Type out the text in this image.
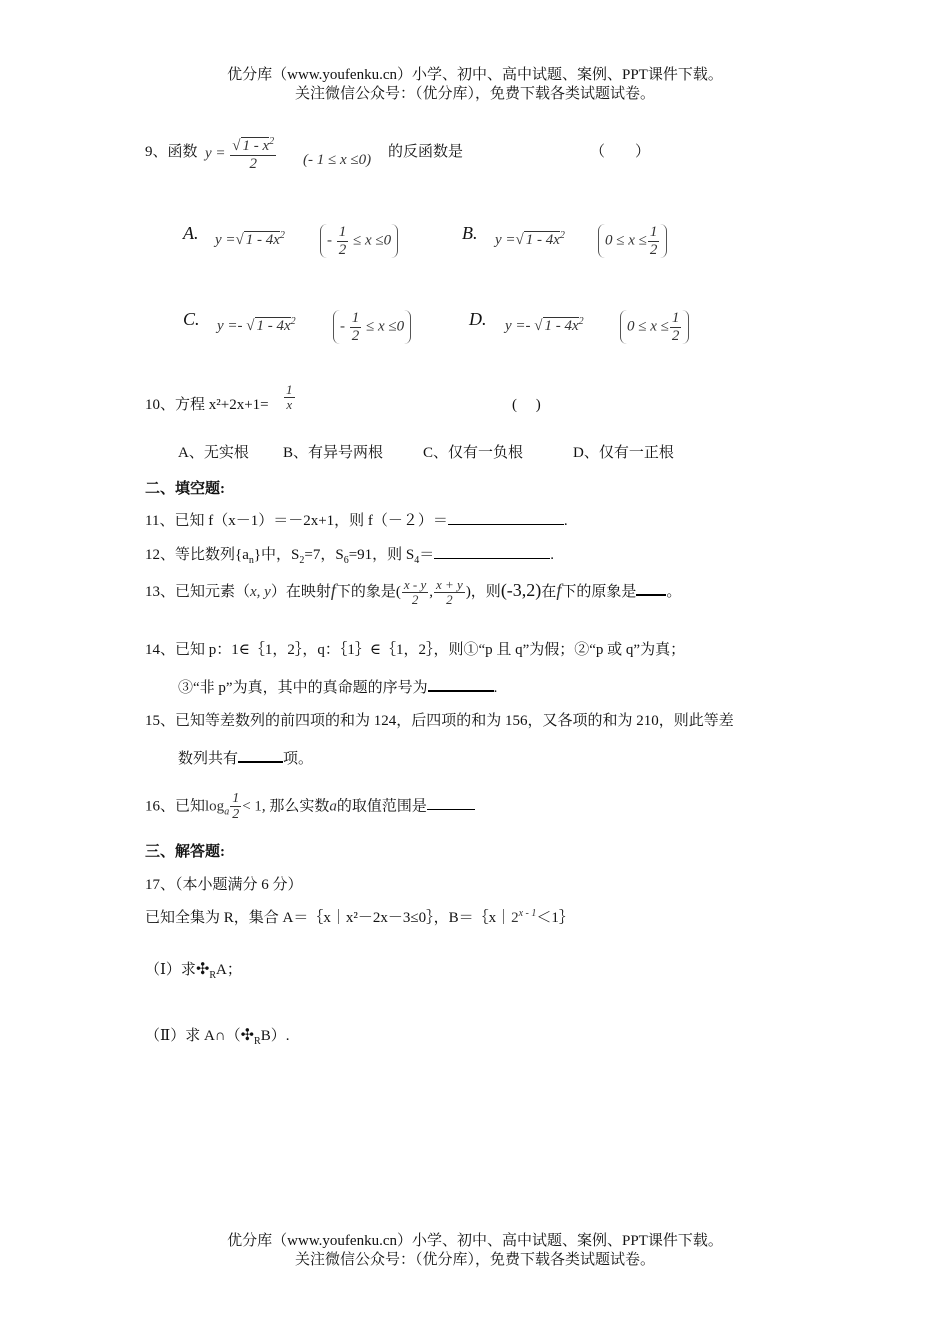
优分库（www.youfenku.cn）小学、初中、高中试题、案例、PPT课件下载。
关注微信公众号：（优分库），免费下载各类试题试卷。
9、函数 $y = \frac{√ 1 - x^2}{2}$ (- 1 ≤ x ≤0) 的反函数是	（　　）
A. y =√ $1 - 4x^2$	- $\frac{1}{2} \le x \le 0$	B. y =√ $1 - 4x^2$	$0 \le x \le \frac{1}{2}$
C. y =- √ $1 - 4x^2$	- $\frac{1}{2} \le x \le 0$	D. y =- √ $1 - 4x^2$	$0 \le x \le \frac{1}{2}$
10、方程 $x^2+2x+1= \frac{1}{x}$	(　 )
A、无实根 B、有异号两根	C、仅有一负根	D、仅有一正根
二、填空题:
11、已知 f（x－1）＝－2x+1，则 f（－２）＝	.
12、等比数列$\{a_n\}$中，$S_2=7$，$S_6=91$，则 $S_4=$	.
13、已知元素（x, y）在映射f下的象是( $\frac{x - y}{2}$ , $\frac{x + y}{2}$ )，则(-3,2)在f下的原象是 。
14、已知 p：1∈｛1，2｝，q：｛1｝∈｛1，2｝，则①“p 且 q”为假；②“p 或 q”为真；
③“非 p”为真，其中的真命题的序号为	.
15、已知等差数列的前四项的和为 124，后四项的和为 156，又各项的和为 210，则此等差
数列共有	项。
16、已知$\log_a \frac{1}{2} < 1$, 那么实数a的取值范围是
三、解答题:
17、（本小题满分 6 分）
已知全集为 R，集合 A＝｛x｜x²－2x－3≤0｝，$B=\{x|2^{x - 1}<1\}$
（Ⅰ）求$✣_RA$；
（Ⅱ）求 $A\cap(✣_RB)$.
优分库（www.youfenku.cn）小学、初中、高中试题、案例、PPT课件下载。
关注微信公众号：（优分库），免费下载各类试题试卷。
